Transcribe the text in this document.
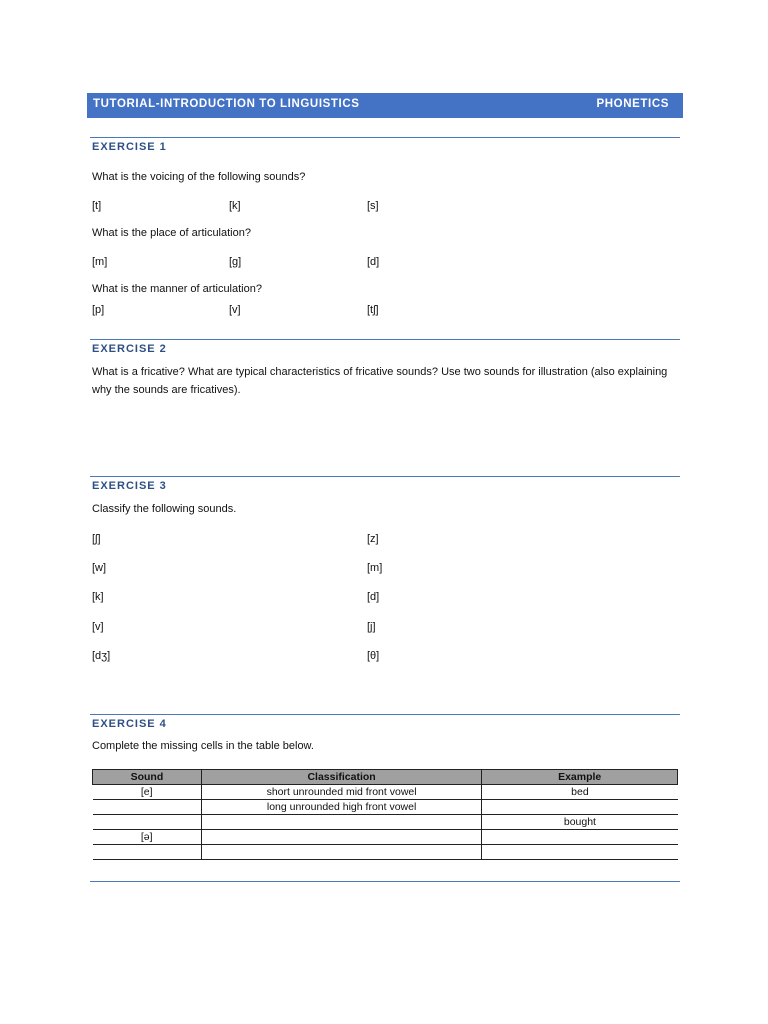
TUTORIAL-INTRODUCTION TO LINGUISTICS	PHONETICS
EXERCISE 1
What is the voicing of the following sounds?
[t]	[k]	[s]
What is the place of articulation?
[m]	[g]	[d]
What is the manner of articulation?
[p]	[v]	[tʃ]
EXERCISE 2
What is a fricative? What are typical characteristics of fricative sounds? Use two sounds for illustration (also explaining why the sounds are fricatives).
EXERCISE 3
Classify the following sounds.
[ʃ]	[z]
[w]	[m]
[k]	[d]
[v]	[j]
[dʒ]	[θ]
EXERCISE 4
Complete the missing cells in the table below.
Sound	Classification	Example
[e]	short unrounded mid front vowel	bed
	long unrounded high front vowel	
		bought
[ə]		
